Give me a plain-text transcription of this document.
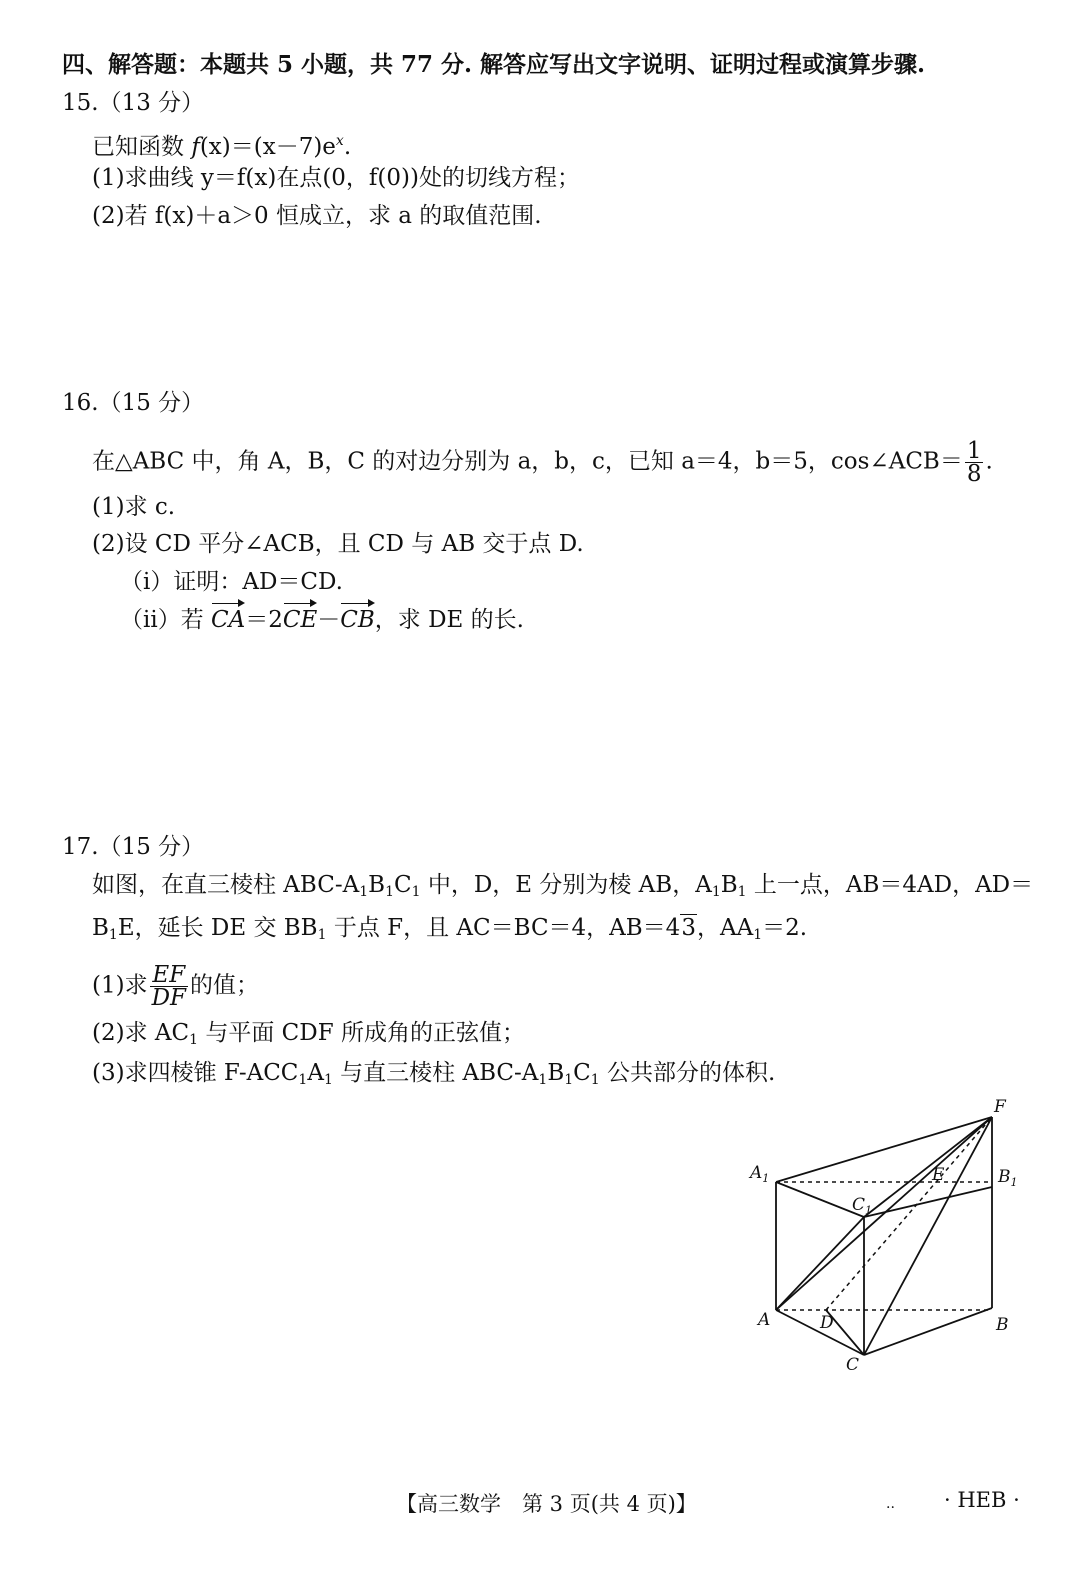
四、解答题：本题共 5 小题，共 77 分. 解答应写出文字说明、证明过程或演算步骤.
15.（13 分）
已知函数 $f(x)=(x-7)e^x$.
(1)求曲线 y＝f(x)在点(0，f(0))处的切线方程；
(2)若 f(x)＋a＞0 恒成立，求 a 的取值范围.
16.（15 分）
在△ABC 中，角 A，B，C 的对边分别为 a，b，c，已知 a＝4，b＝5，cos∠ACB＝ $\frac{1}{8}$ .
(1)求 c.
(2)设 CD 平分∠ACB，且 CD 与 AB 交于点 D.
（ⅰ）证明：AD＝CD.
（ⅱ）若 CA＝2CE－CB，求 DE 的长.
17.（15 分）
如图，在直三棱柱 ABC-$A_1B_1C_1$ 中，D，E 分别为棱 AB，$A_1B_1$ 上一点，AB＝4AD，AD＝
$B_1E$，延长 DE 交 $BB_1$ 于点 F，且 AC＝BC＝4，AB＝43，$AA_1=2$.
(1)求 $\frac{EF}{DF}$ 的值；
(2)求 $AC_1$ 与平面 CDF 所成角的正弦值；
(3)求四棱锥 $F-ACC_1A_1$ 与直三棱柱 ABC-$A_1B_1C_1$ 公共部分的体积.
$A_1$	$B_1$
$C_1$
A	B
C
D
E
F
【高三数学　第 3 页(共 4 页)】	.. · HEB ·
